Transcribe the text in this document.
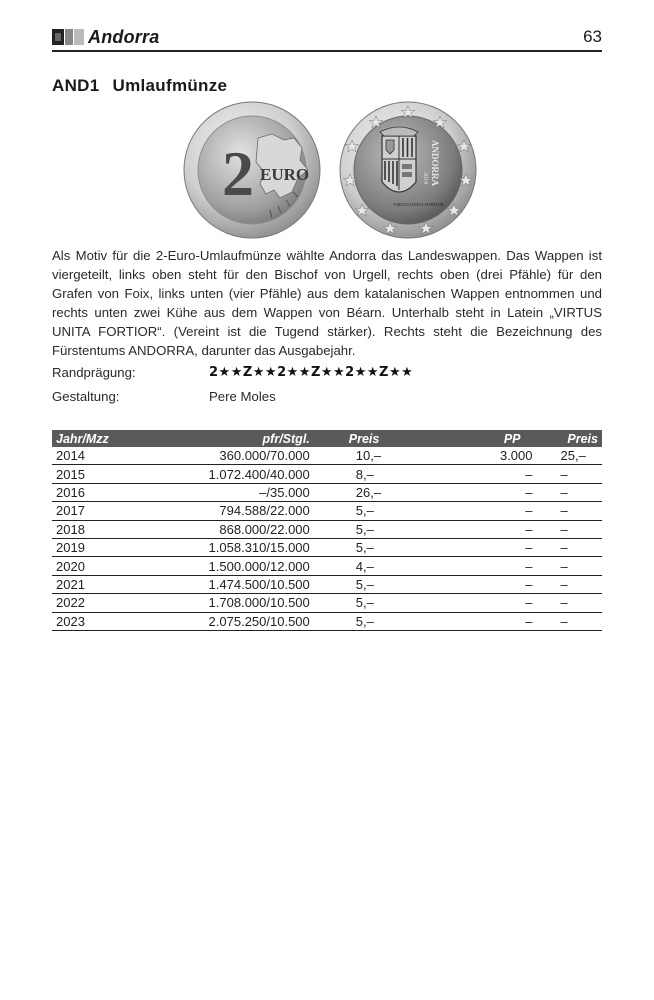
Andorra	63
AND1 Umlaufmünze
2 EURO
VIRTUS UNITA FORTIOR
ANDORRA
2014
Als Motiv für die 2-Euro-Umlaufmünze wählte Andorra das Landeswappen. Das Wappen ist viergeteilt, links oben steht für den Bischof von Urgell, rechts oben (drei Pfähle) für den Grafen von Foix, links unten (vier Pfähle) aus dem katalanischen Wappen entnommen und rechts unten zwei Kühe aus dem Wappen von Béarn. Unterhalb steht in Latein „VIRTUS UNITA FORTIOR“. (Vereint ist die Tugend stärker). Rechts steht die Bezeichnung des Fürstentums ANDORRA, darunter das Ausgabejahr.
Randprägung:	2★★Z★★2★★Z★★2★★Z★★
Gestaltung:	Pere Moles
Jahr/Mzz	pfr/Stgl.	Preis	PP	Preis
2014	360.000/70.000	10,–	3.000	25,–
2015	1.072.400/40.000	8,–	–	–
2016	–/35.000	26,–	–	–
2017	794.588/22.000	5,–	–	–
2018	868.000/22.000	5,–	–	–
2019	1.058.310/15.000	5,–	–	–
2020	1.500.000/12.000	4,–	–	–
2021	1.474.500/10.500	5,–	–	–
2022	1.708.000/10.500	5,–	–	–
2023	2.075.250/10.500	5,–	–	–
